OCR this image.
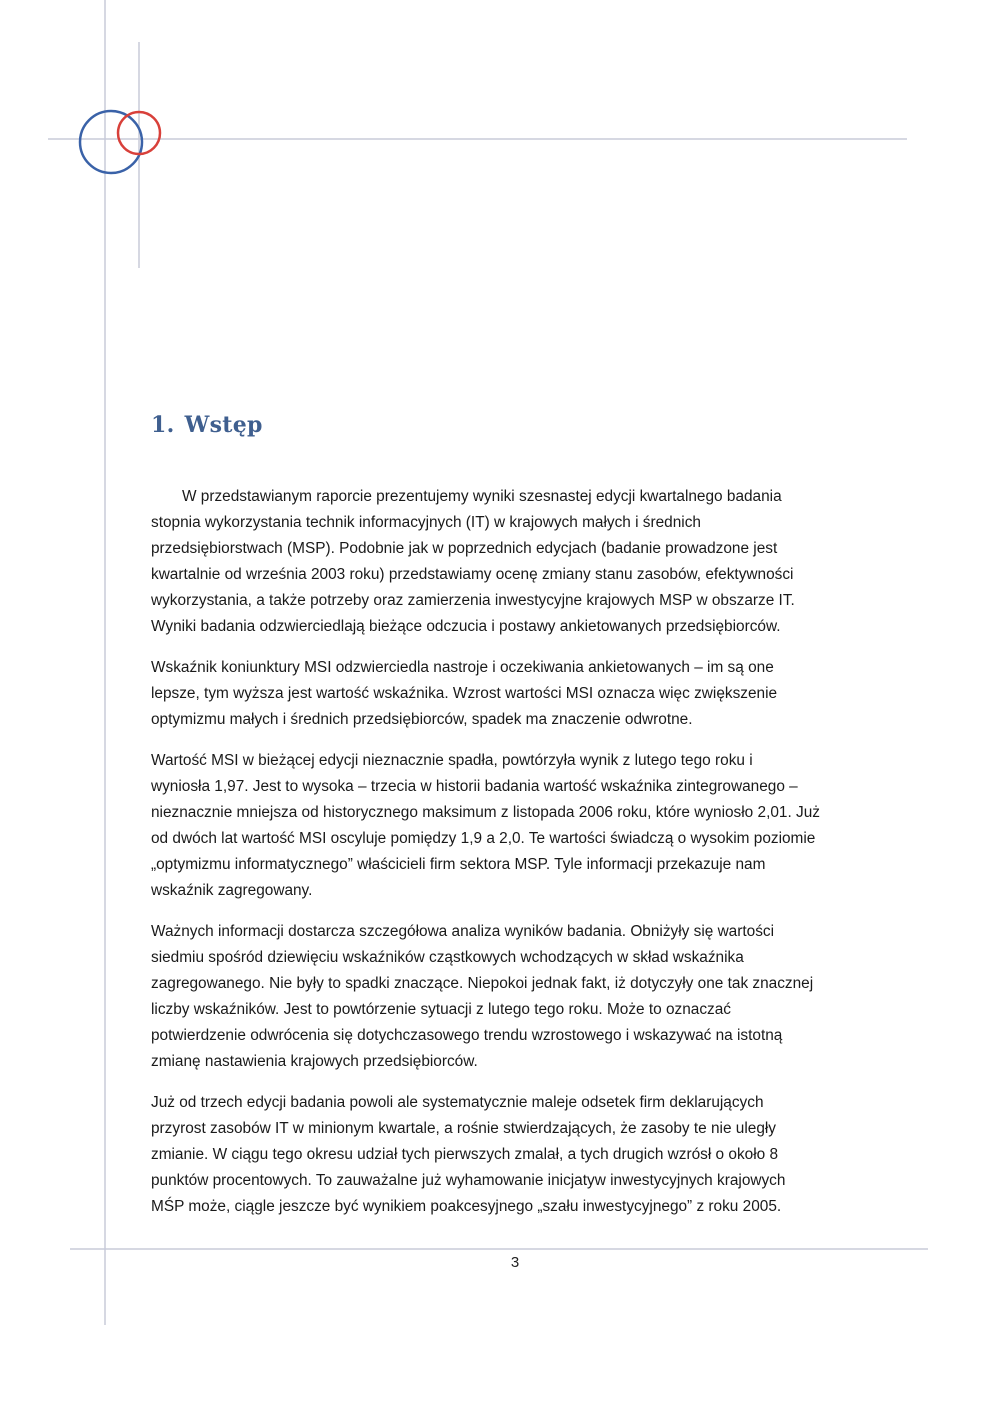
1. Wstęp

W przedstawianym raporcie prezentujemy wyniki szesnastej edycji kwartalnego badania
stopnia wykorzystania technik informacyjnych (IT) w krajowych małych i średnich
przedsiębiorstwach (MSP). Podobnie jak w poprzednich edycjach (badanie prowadzone jest
kwartalnie od września 2003 roku) przedstawiamy ocenę zmiany stanu zasobów, efektywności
wykorzystania, a także potrzeby oraz zamierzenia inwestycyjne krajowych MSP w obszarze IT.
Wyniki badania odzwierciedlają bieżące odczucia i postawy ankietowanych przedsiębiorców.

Wskaźnik koniunktury MSI odzwierciedla nastroje i oczekiwania ankietowanych – im są one
lepsze, tym wyższa jest wartość wskaźnika. Wzrost wartości MSI oznacza więc zwiększenie
optymizmu małych i średnich przedsiębiorców, spadek ma znaczenie odwrotne.

Wartość MSI w bieżącej edycji nieznacznie spadła, powtórzyła wynik z lutego tego roku i
wyniosła 1,97. Jest to wysoka – trzecia w historii badania wartość wskaźnika zintegrowanego –
nieznacznie mniejsza od historycznego maksimum z listopada 2006 roku, które wyniosło 2,01. Już
od dwóch lat wartość MSI oscyluje pomiędzy 1,9 a 2,0. Te wartości świadczą o wysokim poziomie
„optymizmu informatycznego” właścicieli firm sektora MSP. Tyle informacji przekazuje nam
wskaźnik zagregowany.

Ważnych informacji dostarcza szczegółowa analiza wyników badania. Obniżyły się wartości
siedmiu spośród dziewięciu wskaźników cząstkowych wchodzących w skład wskaźnika
zagregowanego. Nie były to spadki znaczące. Niepokoi jednak fakt, iż dotyczyły one tak znacznej
liczby wskaźników. Jest to powtórzenie sytuacji z lutego tego roku. Może to oznaczać
potwierdzenie odwrócenia się dotychczasowego trendu wzrostowego i wskazywać na istotną
zmianę nastawienia krajowych przedsiębiorców.

Już od trzech edycji badania powoli ale systematycznie maleje odsetek firm deklarujących
przyrost zasobów IT w minionym kwartale, a rośnie stwierdzających, że zasoby te nie uległy
zmianie. W ciągu tego okresu udział tych pierwszych zmalał, a tych drugich wzrósł o około 8
punktów procentowych. To zauważalne już wyhamowanie inicjatyw inwestycyjnych krajowych
MŚP może, ciągle jeszcze być wynikiem poakcesyjnego „szału inwestycyjnego” z roku 2005.

3
